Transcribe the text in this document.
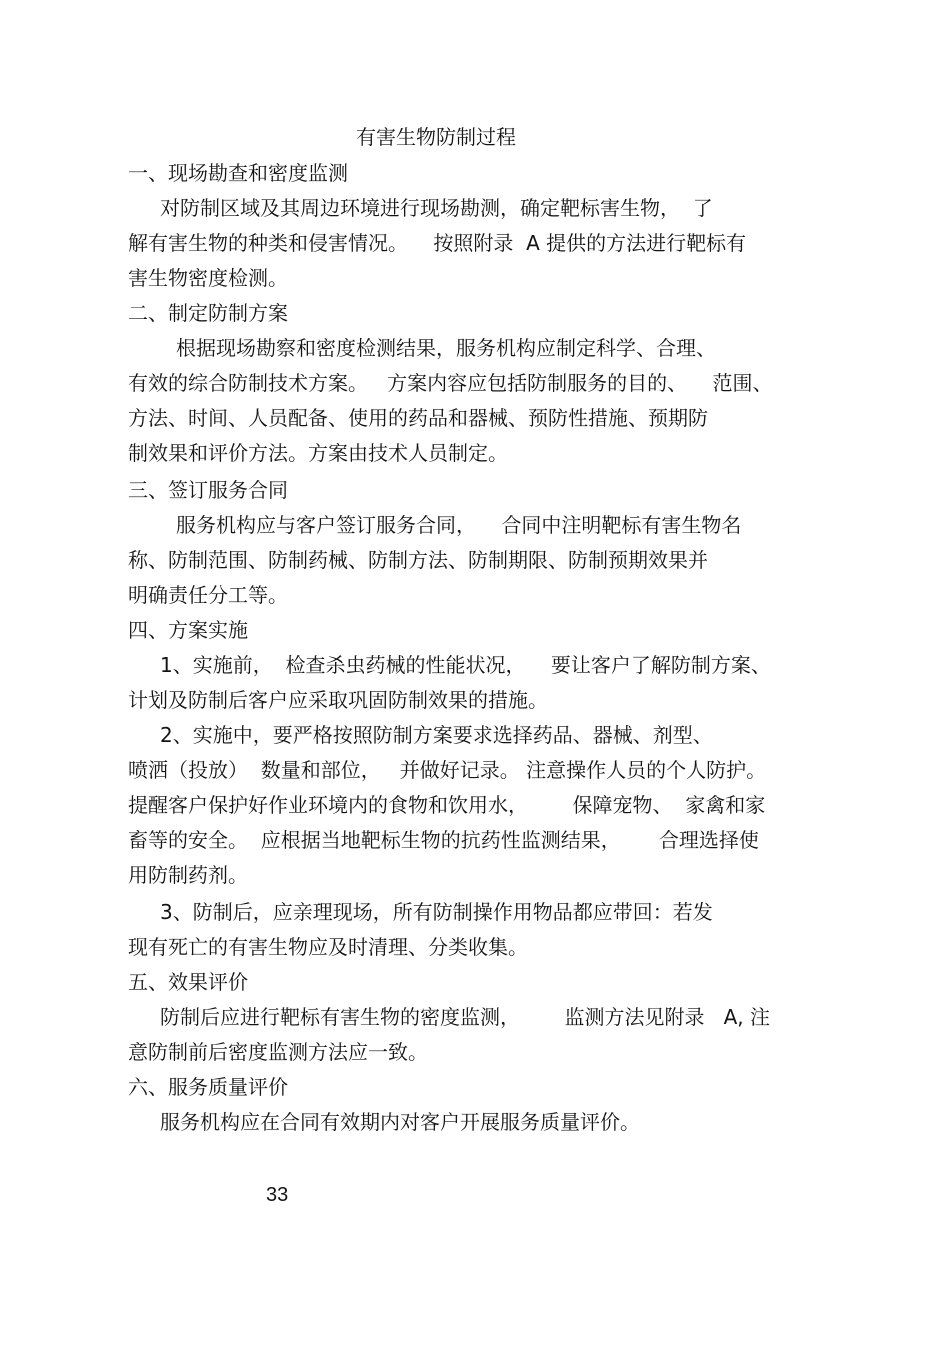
有害生物防制过程
一、现场勘查和密度监测
对防制区域及其周边环境进行现场勘测，确定靶标害生物，  了
解有害生物的种类和侵害情况。    按照附录  A 提供的方法进行靶标有
害生物密度检测。
二、制定防制方案
根据现场勘察和密度检测结果，服务机构应制定科学、合理、
有效的综合防制技术方案。   方案内容应包括防制服务的目的、    范围、
方法、时间、人员配备、使用的药品和器械、预防性措施、预期防
制效果和评价方法。方案由技术人员制定。
三、签订服务合同
服务机构应与客户签订服务合同，    合同中注明靶标有害生物名
称、防制范围、防制药械、防制方法、防制期限、防制预期效果并
明确责任分工等。
四、方案实施
1、实施前，  检查杀虫药械的性能状况，    要让客户了解防制方案、
计划及防制后客户应采取巩固防制效果的措施。
2、实施中，要严格按照防制方案要求选择药品、器械、剂型、
喷洒（投放）  数量和部位，   并做好记录。 注意操作人员的个人防护。
提醒客户保护好作业环境内的食物和饮用水，       保障宠物、  家禽和家
畜等的安全。  应根据当地靶标生物的抗药性监测结果，      合理选择使
用防制药剂。
3、防制后，应亲理现场，所有防制操作用物品都应带回：若发
现有死亡的有害生物应及时清理、分类收集。
五、效果评价
防制后应进行靶标有害生物的密度监测，       监测方法见附录   A, 注
意防制前后密度监测方法应一致。
六、服务质量评价
服务机构应在合同有效期内对客户开展服务质量评价。
33
